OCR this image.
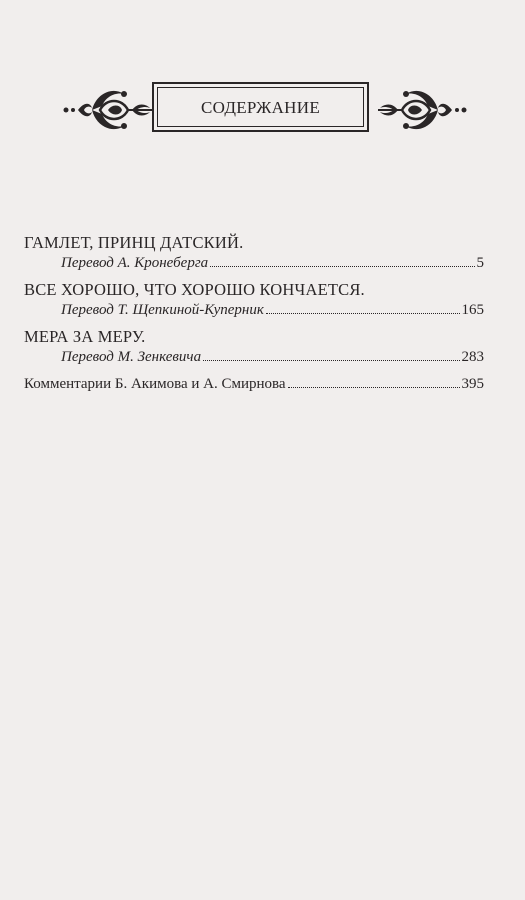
СОДЕРЖАНИЕ
ГАМЛЕТ, ПРИНЦ ДАТСКИЙ.
Перевод А. Кронеберга	5
ВСЕ ХОРОШО, ЧТО ХОРОШО КОНЧАЕТСЯ.
Перевод Т. Щепкиной-Куперник	165
МЕРА ЗА МЕРУ.
Перевод М. Зенкевича	283
Комментарии Б. Акимова и А. Смирнова	395
